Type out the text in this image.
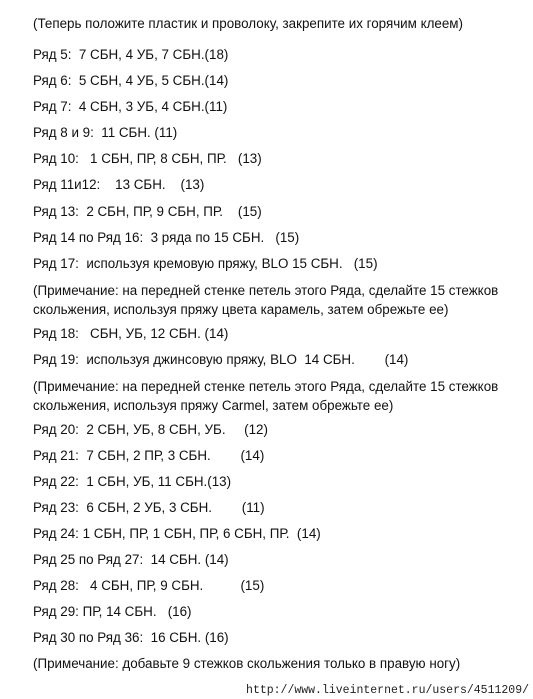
(Теперь положите пластик и проволоку, закрепите их горячим клеем)
Ряд 5:  7 СБН, 4 УБ, 7 СБН.(18)
Ряд 6:  5 СБН, 4 УБ, 5 СБН.(14)
Ряд 7:  4 СБН, 3 УБ, 4 СБН.(11)
Ряд 8 и 9:  11 СБН. (11)
Ряд 10:   1 СБН, ПР, 8 СБН, ПР.   (13)
Ряд 11и12:    13 СБН.    (13)
Ряд 13:  2 СБН, ПР, 9 СБН, ПР.    (15)
Ряд 14 по Ряд 16:  3 ряда по 15 СБН.   (15)
Ряд 17:  используя кремовую пряжу, BLO 15 СБН.   (15)
(Примечание: на передней стенке петель этого Ряда, сделайте 15 стежков скольжения, используя пряжу цвета карамель, затем обрежьте ее)
Ряд 18:   СБН, УБ, 12 СБН. (14)
Ряд 19:  используя джинсовую пряжу, BLO  14 СБН.        (14)
(Примечание: на передней стенке петель этого Ряда, сделайте 15 стежков скольжения, используя пряжу Carmel, затем обрежьте ее)
Ряд 20:  2 СБН, УБ, 8 СБН, УБ.     (12)
Ряд 21:  7 СБН, 2 ПР, 3 СБН.        (14)
Ряд 22:  1 СБН, УБ, 11 СБН.(13)
Ряд 23:  6 СБН, 2 УБ, 3 СБН.        (11)
Ряд 24: 1 СБН, ПР, 1 СБН, ПР, 6 СБН, ПР.  (14)
Ряд 25 по Ряд 27:  14 СБН. (14)
Ряд 28:   4 СБН, ПР, 9 СБН.          (15)
Ряд 29: ПР, 14 СБН.   (16)
Ряд 30 по Ряд 36:  16 СБН. (16)
(Примечание: добавьте 9 стежков скольжения только в правую ногу)
http://www.liveinternet.ru/users/4511209/
